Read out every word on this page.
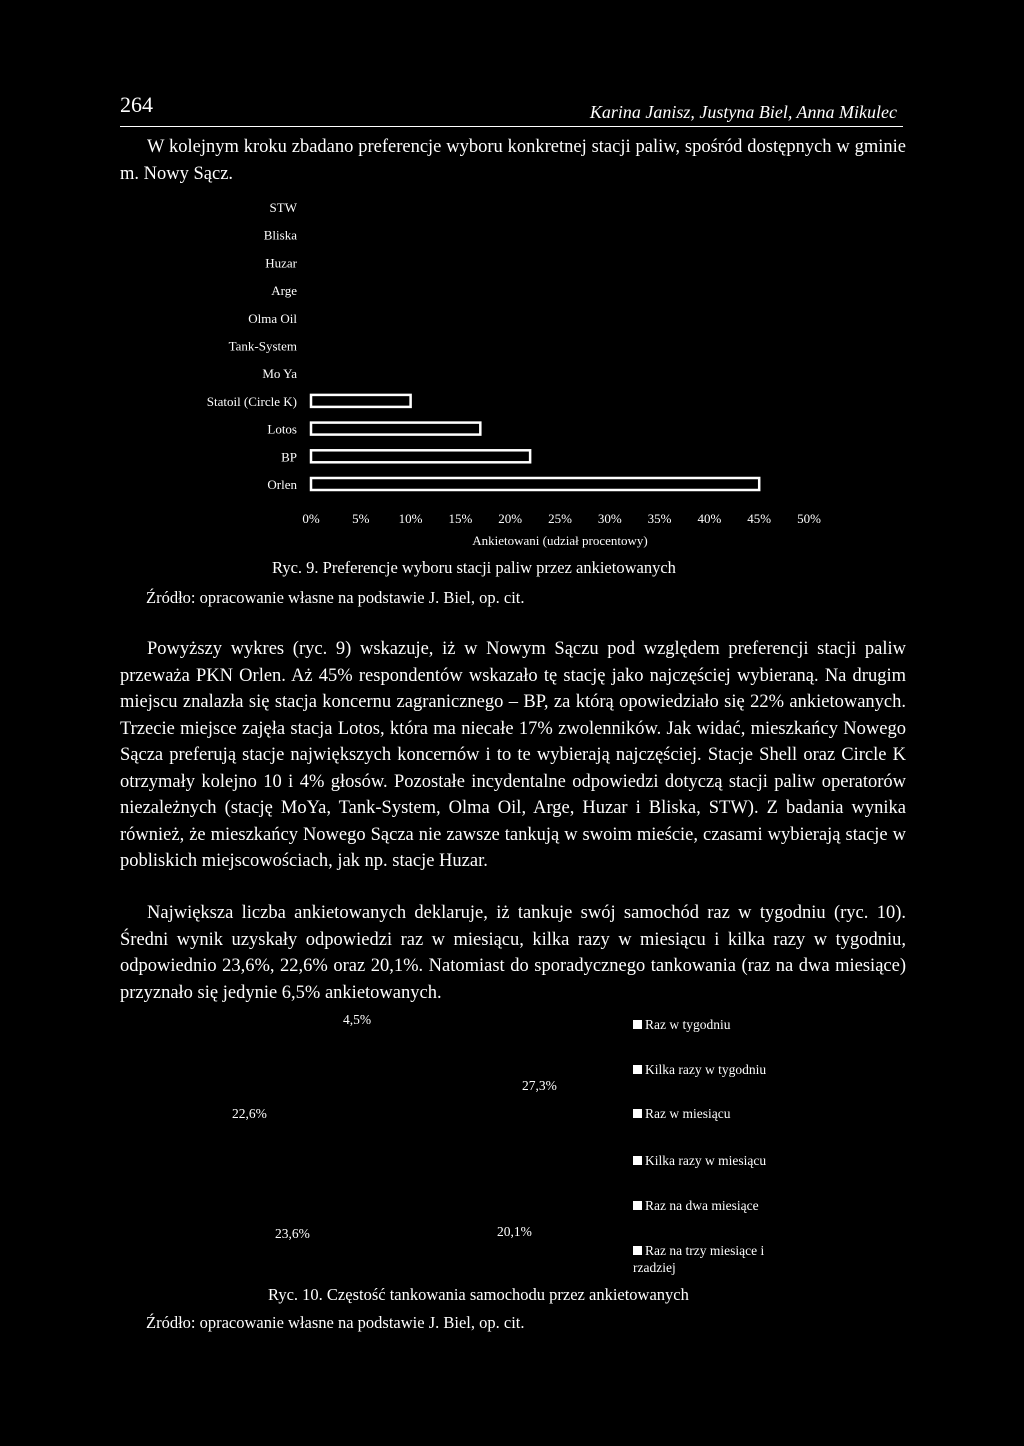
264	Karina Janisz, Justyna Biel, Anna Mikulec

W kolejnym kroku zbadano preferencje wyboru konkretnej stacji paliw, spośród dostępnych w gminie m. Nowy Sącz.

STW
Bliska
Huzar
Arge
Olma Oil
Tank-System
Mo Ya
Statoil (Circle K)
Lotos
BP
Orlen
0% 5% 10% 15% 20% 25% 30% 35% 40% 45% 50%
Ankietowani (udział procentowy)
Ryc. 9. Preferencje wyboru stacji paliw przez ankietowanych
Źródło: opracowanie własne na podstawie J. Biel, op. cit.

Powyższy wykres (ryc. 9) wskazuje, iż w Nowym Sączu pod względem preferencji stacji paliw przeważa PKN Orlen. Aż 45% respondentów wskazało tę stację jako najczęściej wybieraną. Na drugim miejscu znalazła się stacja koncernu zagranicznego – BP, za którą opowiedziało się 22% ankietowanych. Trzecie miejsce zajęła stacja Lotos, która ma niecałe 17% zwolenników. Jak widać, mieszkańcy Nowego Sącza preferują stacje największych koncernów i to te wybierają najczęściej. Stacje Shell oraz Circle K otrzymały kolejno 10 i 4% głosów. Pozostałe incydentalne odpowiedzi dotyczą stacji paliw operatorów niezależnych (stację MoYa, Tank-System, Olma Oil, Arge, Huzar i Bliska, STW). Z badania wynika również, że mieszkańcy Nowego Sącza nie zawsze tankują w swoim mieście, czasami wybierają stacje w pobliskich miejscowościach, jak np. stacje Huzar.

Największa liczba ankietowanych deklaruje, iż tankuje swój samochód raz w tygodniu (ryc. 10). Średni wynik uzyskały odpowiedzi raz w miesiącu, kilka razy w miesiącu i kilka razy w tygodniu, odpowiednio 23,6%, 22,6% oraz 20,1%. Natomiast do sporadycznego tankowania (raz na dwa miesiące) przyznało się jedynie 6,5% ankietowanych.

4,5%
27,3%
22,6%
23,6%	20,1%
Raz w tygodniu
Kilka razy w tygodniu
Raz w miesiącu
Kilka razy w miesiącu
Raz na dwa miesiące
Raz na trzy miesiące i rzadziej
Ryc. 10. Częstość tankowania samochodu przez ankietowanych
Źródło: opracowanie własne na podstawie J. Biel, op. cit.
